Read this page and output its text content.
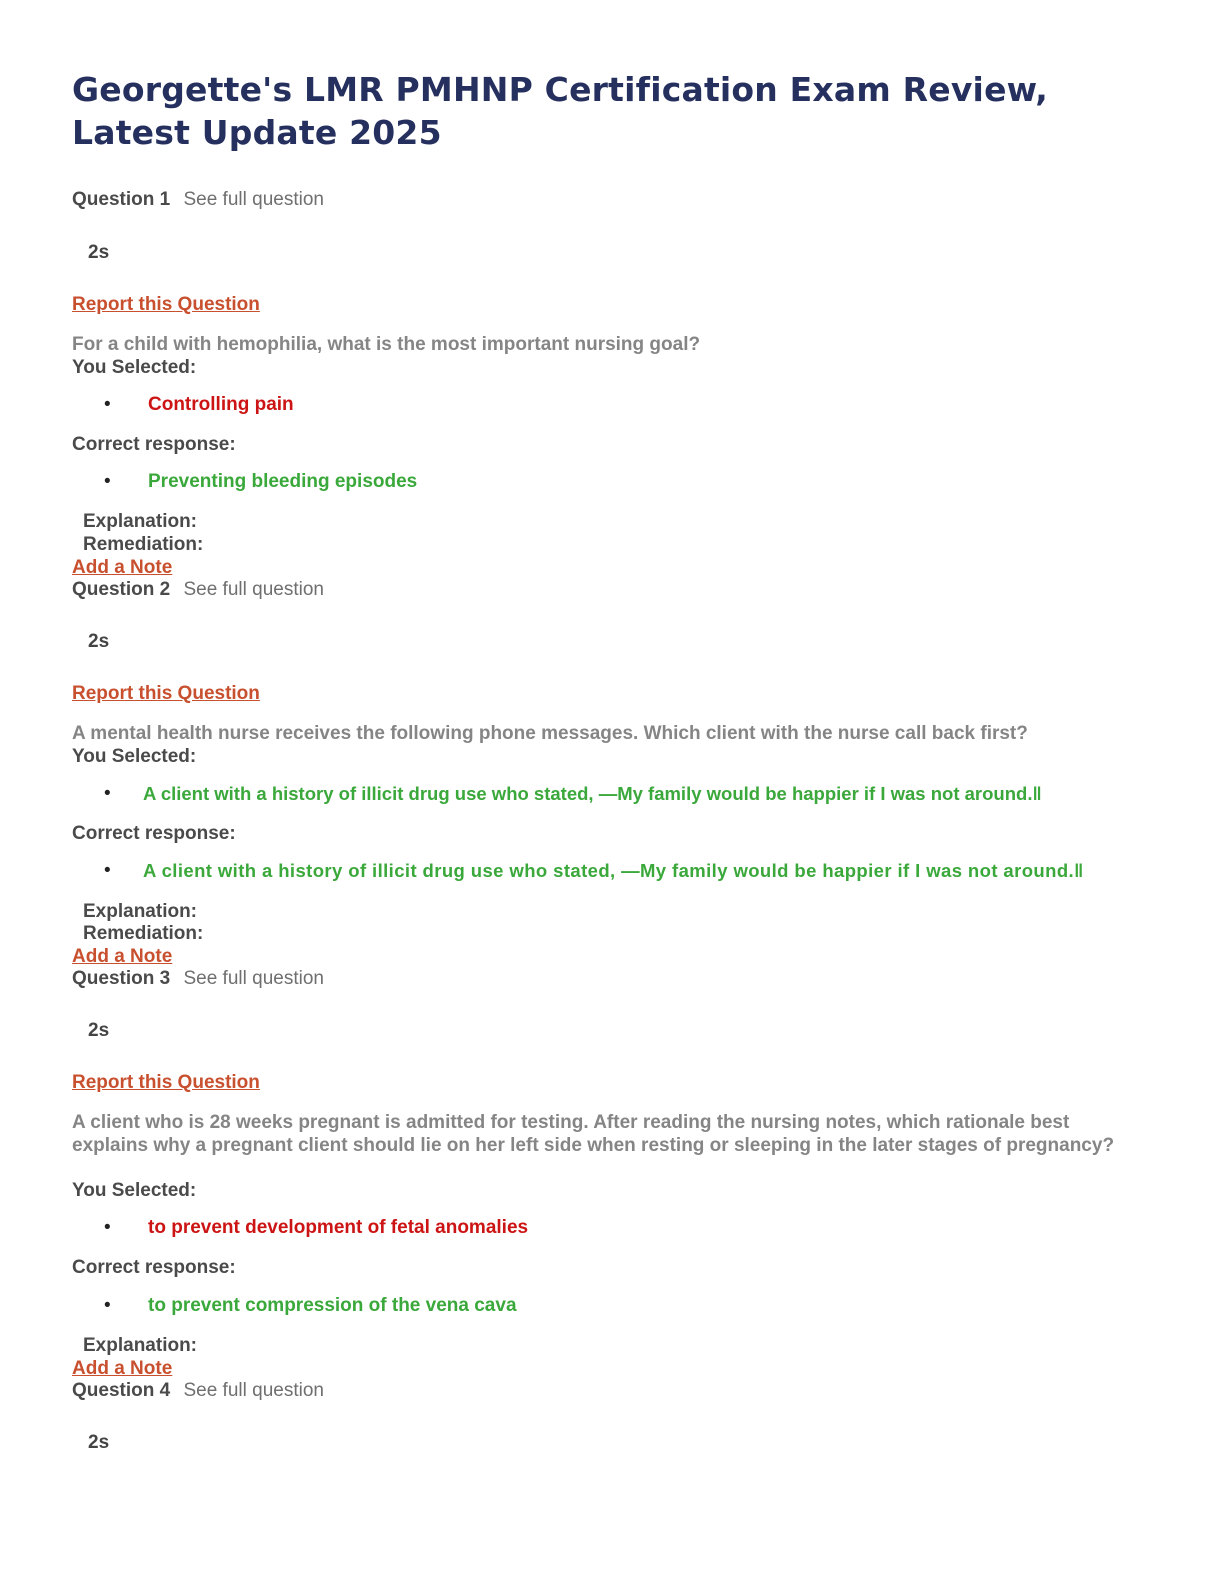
Georgette's LMR PMHNP Certification Exam Review, Latest Update 2025
Question 1 See full question
2s
Report this Question
For a child with hemophilia, what is the most important nursing goal?
You Selected:
• Controlling pain
Correct response:
• Preventing bleeding episodes
Explanation:
Remediation:
Add a Note
Question 2 See full question
2s
Report this Question
A mental health nurse receives the following phone messages. Which client with the nurse call back first?
You Selected:
• A client with a history of illicit drug use who stated, ―My family would be happier if I was not around.‖
Correct response:
• A client with a history of illicit drug use who stated, ―My family would be happier if I was not around.‖
Explanation:
Remediation:
Add a Note
Question 3 See full question
2s
Report this Question
A client who is 28 weeks pregnant is admitted for testing. After reading the nursing notes, which rationale best explains why a pregnant client should lie on her left side when resting or sleeping in the later stages of pregnancy?
You Selected:
• to prevent development of fetal anomalies
Correct response:
• to prevent compression of the vena cava
Explanation:
Add a Note
Question 4 See full question
2s
